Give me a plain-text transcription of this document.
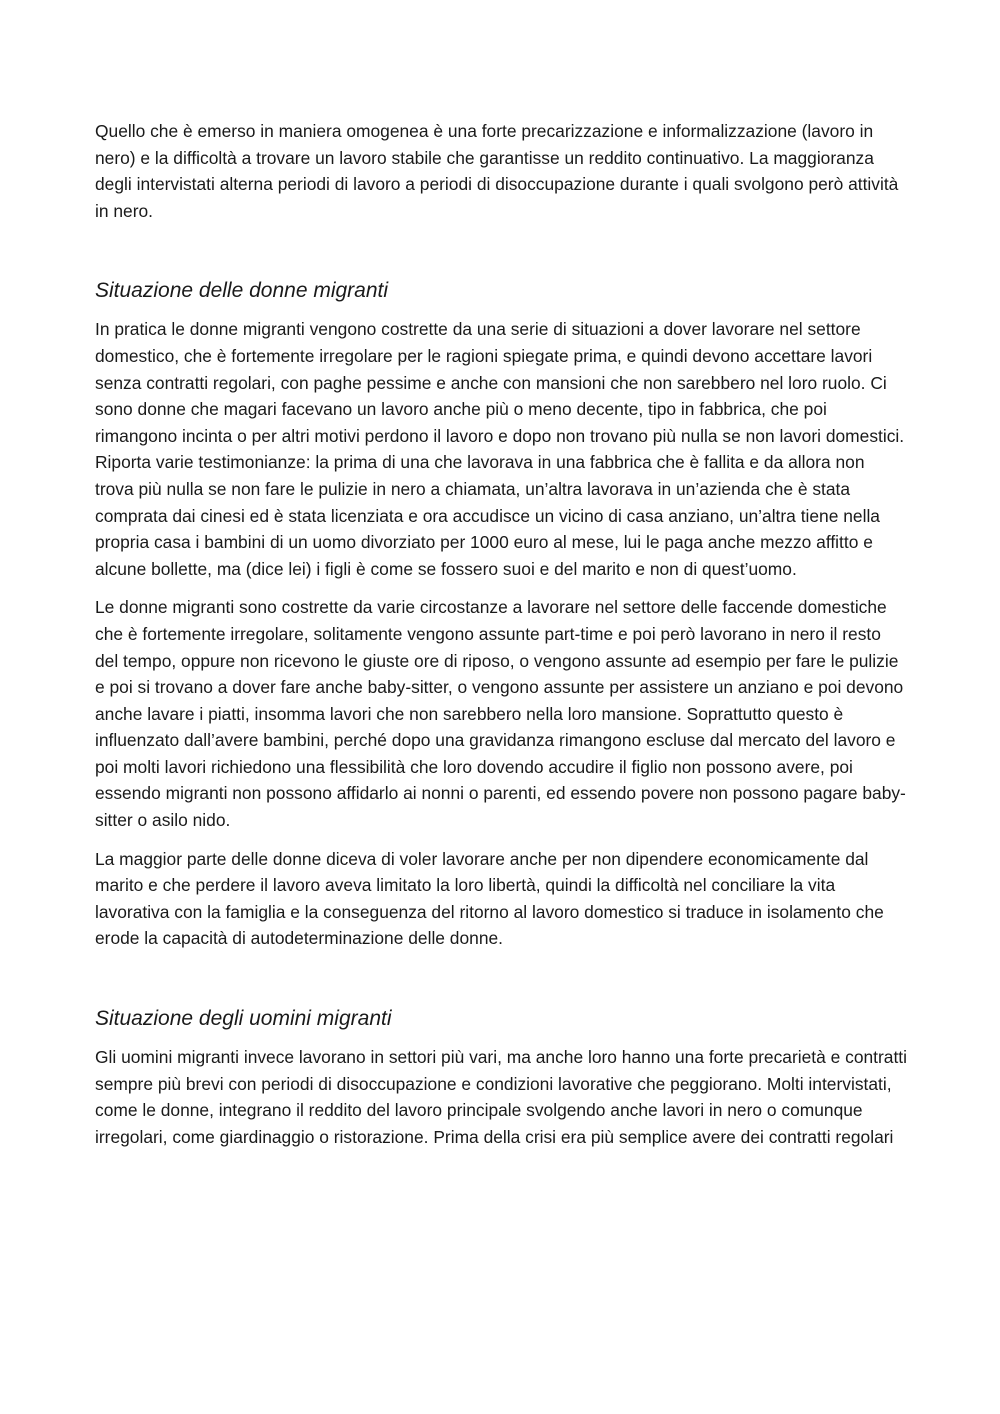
Quello che è emerso in maniera omogenea è una forte precarizzazione e informalizzazione (lavoro in nero) e la difficoltà a trovare un lavoro stabile che garantisse un reddito continuativo. La maggioranza degli intervistati alterna periodi di lavoro a periodi di disoccupazione durante i quali svolgono però attività in nero.

Situazione delle donne migranti

In pratica le donne migranti vengono costrette da una serie di situazioni a dover lavorare nel settore domestico, che è fortemente irregolare per le ragioni spiegate prima, e quindi devono accettare lavori senza contratti regolari, con paghe pessime e anche con mansioni che non sarebbero nel loro ruolo. Ci sono donne che magari facevano un lavoro anche più o meno decente, tipo in fabbrica, che poi rimangono incinta o per altri motivi perdono il lavoro e dopo non trovano più nulla se non lavori domestici. Riporta varie testimonianze: la prima di una che lavorava in una fabbrica che è fallita e da allora non trova più nulla se non fare le pulizie in nero a chiamata, un’altra lavorava in un’azienda che è stata comprata dai cinesi ed è stata licenziata e ora accudisce un vicino di casa anziano, un’altra tiene nella propria casa i bambini di un uomo divorziato per 1000 euro al mese, lui le paga anche mezzo affitto e alcune bollette, ma (dice lei) i figli è come se fossero suoi e del marito e non di quest’uomo.

Le donne migranti sono costrette da varie circostanze a lavorare nel settore delle faccende domestiche che è fortemente irregolare, solitamente vengono assunte part-time e poi però lavorano in nero il resto del tempo, oppure non ricevono le giuste ore di riposo, o vengono assunte ad esempio per fare le pulizie e poi si trovano a dover fare anche baby-sitter, o vengono assunte per assistere un anziano e poi devono anche lavare i piatti, insomma lavori che non sarebbero nella loro mansione. Soprattutto questo è influenzato dall’avere bambini, perché dopo una gravidanza rimangono escluse dal mercato del lavoro e poi molti lavori richiedono una flessibilità che loro dovendo accudire il figlio non possono avere, poi essendo migranti non possono affidarlo ai nonni o parenti, ed essendo povere non possono pagare baby-sitter o asilo nido.

La maggior parte delle donne diceva di voler lavorare anche per non dipendere economicamente dal marito e che perdere il lavoro aveva limitato la loro libertà, quindi la difficoltà nel conciliare la vita lavorativa con la famiglia e la conseguenza del ritorno al lavoro domestico si traduce in isolamento che erode la capacità di autodeterminazione delle donne.

Situazione degli uomini migranti

Gli uomini migranti invece lavorano in settori più vari, ma anche loro hanno una forte precarietà e contratti sempre più brevi con periodi di disoccupazione e condizioni lavorative che peggiorano. Molti intervistati, come le donne, integrano il reddito del lavoro principale svolgendo anche lavori in nero o comunque irregolari, come giardinaggio o ristorazione. Prima della crisi era più semplice avere dei contratti regolari
